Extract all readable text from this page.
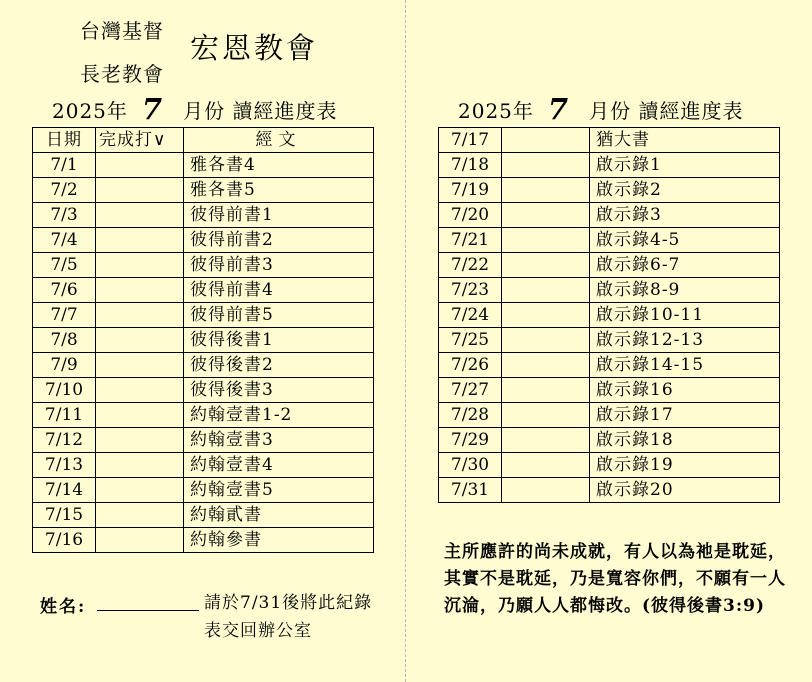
台灣基督
長老教會
宏恩教會
2025年 7 月份 讀經進度表	2025年 7 月份 讀經進度表
日期	完成打∨	經文
7/1		雅各書4
7/2		雅各書5
7/3		彼得前書1
7/4		彼得前書2
7/5		彼得前書3
7/6		彼得前書4
7/7		彼得前書5
7/8		彼得後書1
7/9		彼得後書2
7/10		彼得後書3
7/11		約翰壹書1-2
7/12		約翰壹書3
7/13		約翰壹書4
7/14		約翰壹書5
7/15		約翰貳書
7/16		約翰參書
7/17		猶大書
7/18		啟示錄1
7/19		啟示錄2
7/20		啟示錄3
7/21		啟示錄4-5
7/22		啟示錄6-7
7/23		啟示錄8-9
7/24		啟示錄10-11
7/25		啟示錄12-13
7/26		啟示錄14-15
7/27		啟示錄16
7/28		啟示錄17
7/29		啟示錄18
7/30		啟示錄19
7/31		啟示錄20
姓名:	請於7/31後將此紀錄表交回辦公室
主所應許的尚未成就，有人以為祂是耽延，其實不是耽延，乃是寬容你們，不願有一人沉淪，乃願人人都悔改。(彼得後書3:9)
